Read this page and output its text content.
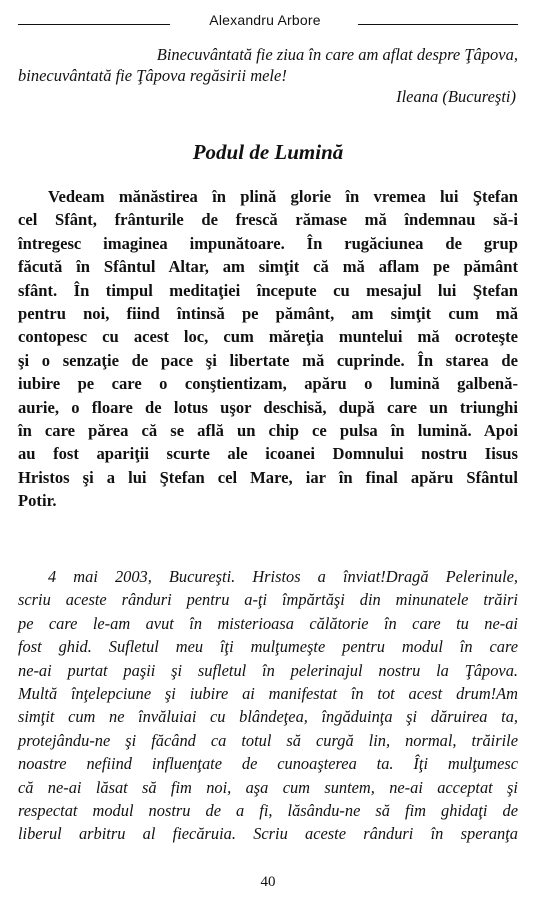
Alexandru Arbore
Binecuvântată fie ziua în care am aflat despre Ţâpova,
binecuvântată fie Ţâpova regăsirii mele!
Ileana (Bucureşti)
Podul de Lumină
Vedeam mănăstirea în plină glorie în vremea lui Ştefan
cel Sfânt, frânturile de frescă rămase mă îndemnau să-i
întregesc imaginea impunătoare. În rugăciunea de grup
făcută în Sfântul Altar, am simţit că mă aflam pe pământ
sfânt. În timpul meditaţiei începute cu mesajul lui Ştefan
pentru noi, fiind întinsă pe pământ, am simţit cum mă
contopesc cu acest loc, cum măreţia muntelui mă ocroteşte
şi o senzaţie de pace şi libertate mă cuprinde. În starea de
iubire pe care o conştientizam, apăru o lumină galbenă-
aurie, o floare de lotus uşor deschisă, după care un triunghi
în care părea că se află un chip ce pulsa în lumină. Apoi
au fost apariţii scurte ale icoanei Domnului nostru Iisus
Hristos şi a lui Ştefan cel Mare, iar în final apăru Sfântul
Potir.
4 mai 2003, Bucureşti. Hristos a înviat!Dragă Pelerinule,
scriu aceste rânduri pentru a-ţi împărtăşi din minunatele trăiri
pe care le-am avut în misterioasa călătorie în care tu ne-ai
fost ghid. Sufletul meu îţi mulţumeşte pentru modul în care
ne-ai purtat paşii şi sufletul în pelerinajul nostru la Ţâpova.
Multă înţelepciune şi iubire ai manifestat în tot acest drum!Am
simţit cum ne învăluiai cu blândeţea, îngăduinţa şi dăruirea ta,
protejându-ne şi făcând ca totul să curgă lin, normal, trăirile
noastre nefiind influenţate de cunoaşterea ta. Îţi mulţumesc
că ne-ai lăsat să fim noi, aşa cum suntem, ne-ai acceptat şi
respectat modul nostru de a fi, lăsându-ne să fim ghidaţi de
liberul arbitru al fiecăruia. Scriu aceste rânduri în speranţa
40
